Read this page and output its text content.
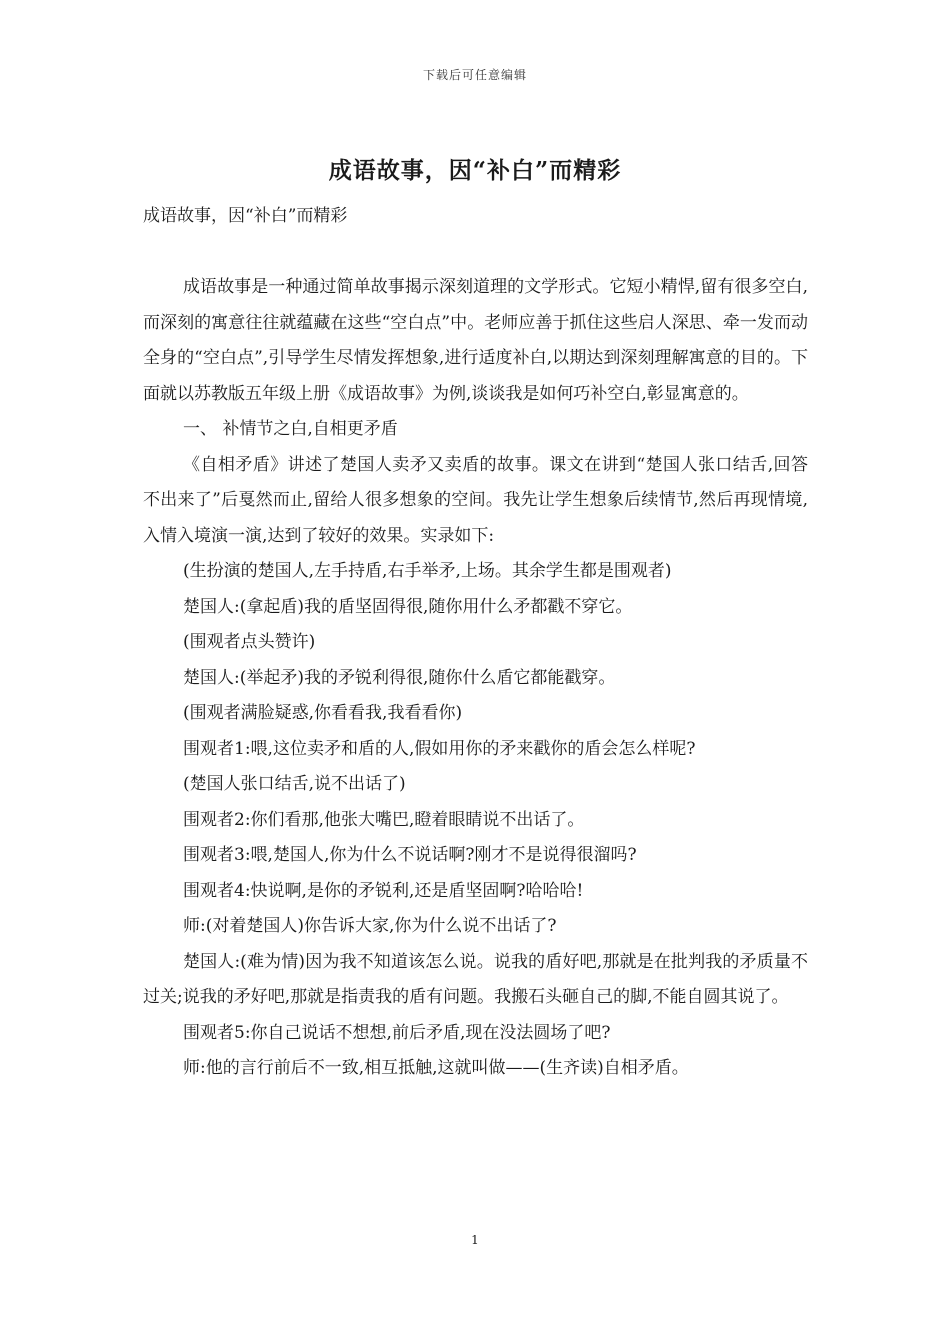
下载后可任意编辑
成语故事，因“补白”而精彩
成语故事，因“补白”而精彩

成语故事是一种通过简单故事揭示深刻道理的文学形式。它短小精悍,留有很多空白,而深刻的寓意往往就蕴藏在这些“空白点”中。老师应善于抓住这些启人深思、牵一发而动全身的“空白点”,引导学生尽情发挥想象,进行适度补白,以期达到深刻理解寓意的目的。下面就以苏教版五年级上册《成语故事》为例,谈谈我是如何巧补空白,彰显寓意的。

一、 补情节之白,自相更矛盾

《自相矛盾》讲述了楚国人卖矛又卖盾的故事。课文在讲到“楚国人张口结舌,回答不出来了”后戛然而止,留给人很多想象的空间。我先让学生想象后续情节,然后再现情境,入情入境演一演,达到了较好的效果。实录如下:

(生扮演的楚国人,左手持盾,右手举矛,上场。其余学生都是围观者)

楚国人:(拿起盾)我的盾坚固得很,随你用什么矛都戳不穿它。

(围观者点头赞许)

楚国人:(举起矛)我的矛锐利得很,随你什么盾它都能戳穿。

(围观者满脸疑惑,你看看我,我看看你)

围观者1:喂,这位卖矛和盾的人,假如用你的矛来戳你的盾会怎么样呢?

(楚国人张口结舌,说不出话了)

围观者2:你们看那,他张大嘴巴,瞪着眼睛说不出话了。

围观者3:喂,楚国人,你为什么不说话啊?刚才不是说得很溜吗?

围观者4:快说啊,是你的矛锐利,还是盾坚固啊?哈哈哈!

师:(对着楚国人)你告诉大家,你为什么说不出话了?

楚国人:(难为情)因为我不知道该怎么说。说我的盾好吧,那就是在批判我的矛质量不过关;说我的矛好吧,那就是指责我的盾有问题。我搬石头砸自己的脚,不能自圆其说了。

围观者5:你自己说话不想想,前后矛盾,现在没法圆场了吧?

师:他的言行前后不一致,相互抵触,这就叫做——(生齐读)自相矛盾。

1
